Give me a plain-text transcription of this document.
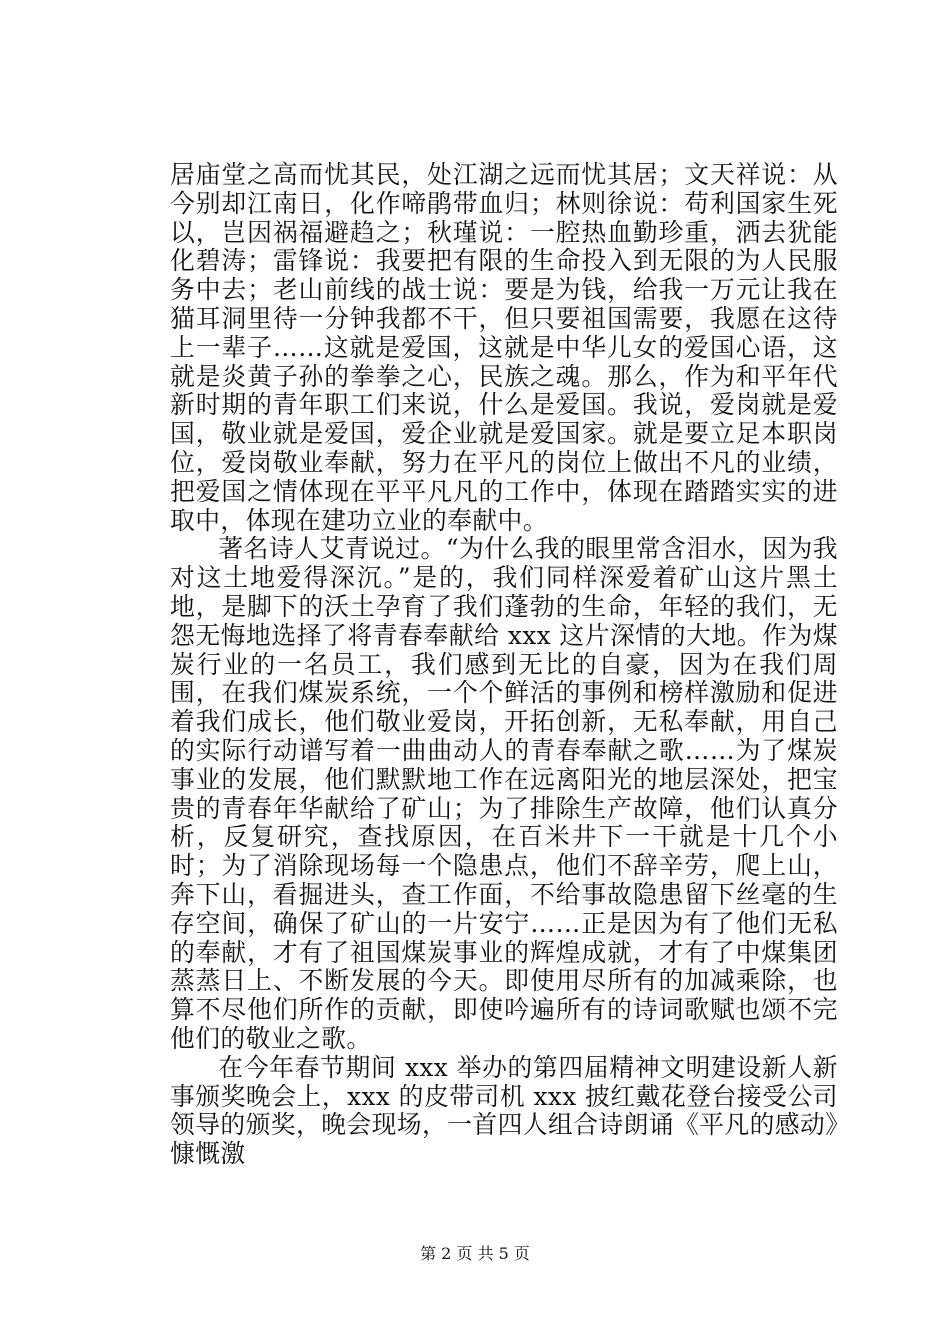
居庙堂之高而忧其民，处江湖之远而忧其居；文天祥说：从今别却江南日，化作啼鹃带血归；林则徐说：苟利国家生死以，岂因祸福避趋之；秋瑾说：一腔热血勤珍重，洒去犹能化碧涛；雷锋说：我要把有限的生命投入到无限的为人民服务中去；老山前线的战士说：要是为钱，给我一万元让我在猫耳洞里待一分钟我都不干，但只要祖国需要，我愿在这待上一辈子……这就是爱国，这就是中华儿女的爱国心语，这就是炎黄子孙的拳拳之心，民族之魂。那么，作为和平年代新时期的青年职工们来说，什么是爱国。我说，爱岗就是爱国，敬业就是爱国，爱企业就是爱国家。就是要立足本职岗位，爱岗敬业奉献，努力在平凡的岗位上做出不凡的业绩，把爱国之情体现在平平凡凡的工作中，体现在踏踏实实的进取中，体现在建功立业的奉献中。

著名诗人艾青说过。“为什么我的眼里常含泪水，因为我对这土地爱得深沉。”是的，我们同样深爱着矿山这片黑土地，是脚下的沃土孕育了我们蓬勃的生命，年轻的我们，无怨无悔地选择了将青春奉献给 xxx 这片深情的大地。作为煤炭行业的一名员工，我们感到无比的自豪，因为在我们周围，在我们煤炭系统，一个个鲜活的事例和榜样激励和促进着我们成长，他们敬业爱岗，开拓创新，无私奉献，用自己的实际行动谱写着一曲曲动人的青春奉献之歌……为了煤炭事业的发展，他们默默地工作在远离阳光的地层深处，把宝贵的青春年华献给了矿山；为了排除生产故障，他们认真分析，反复研究，查找原因，在百米井下一干就是十几个小时；为了消除现场每一个隐患点，他们不辞辛劳，爬上山，奔下山，看掘进头，查工作面，不给事故隐患留下丝毫的生存空间，确保了矿山的一片安宁……正是因为有了他们无私的奉献，才有了祖国煤炭事业的辉煌成就，才有了中煤集团蒸蒸日上、不断发展的今天。即使用尽所有的加减乘除，也算不尽他们所作的贡献，即使吟遍所有的诗词歌赋也颂不完他们的敬业之歌。

在今年春节期间 xxx 举办的第四届精神文明建设新人新事颁奖晚会上，xxx 的皮带司机 xxx 披红戴花登台接受公司领导的颁奖，晚会现场，一首四人组合诗朗诵《平凡的感动》慷慨激

第 2 页 共 5 页
